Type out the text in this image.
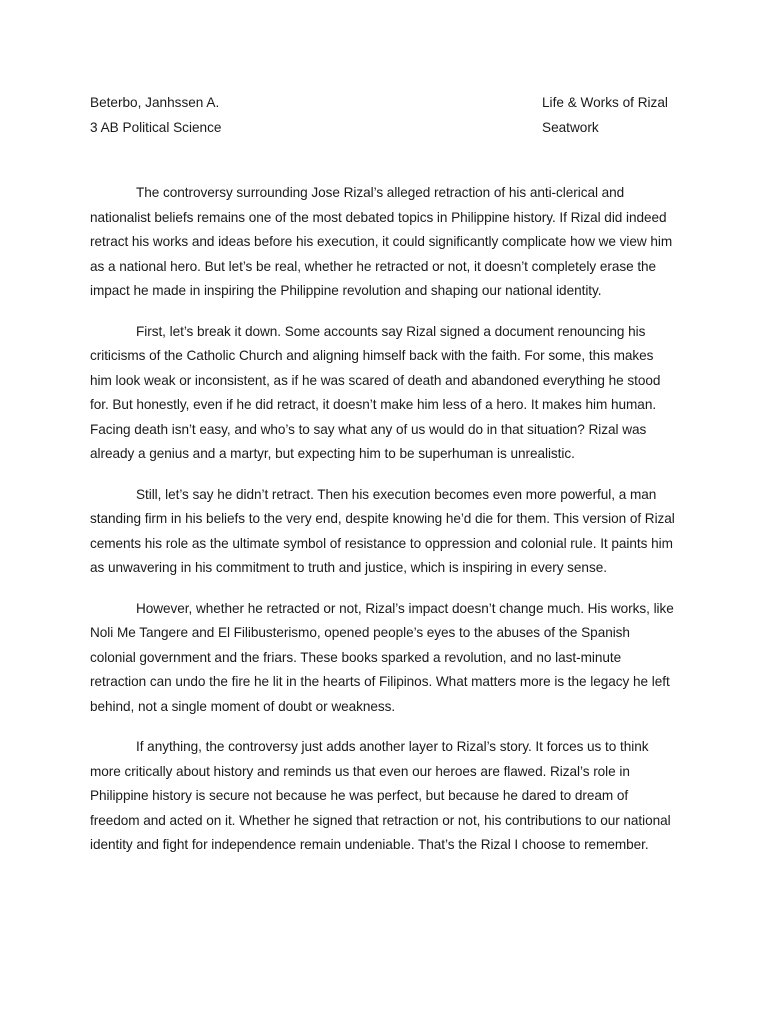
Beterbo, Janhssen A.
3 AB Political Science
Life & Works of Rizal
Seatwork

The controversy surrounding Jose Rizal’s alleged retraction of his anti-clerical and nationalist beliefs remains one of the most debated topics in Philippine history. If Rizal did indeed retract his works and ideas before his execution, it could significantly complicate how we view him as a national hero. But let’s be real, whether he retracted or not, it doesn’t completely erase the impact he made in inspiring the Philippine revolution and shaping our national identity.

First, let’s break it down. Some accounts say Rizal signed a document renouncing his criticisms of the Catholic Church and aligning himself back with the faith. For some, this makes him look weak or inconsistent, as if he was scared of death and abandoned everything he stood for. But honestly, even if he did retract, it doesn’t make him less of a hero. It makes him human. Facing death isn’t easy, and who’s to say what any of us would do in that situation? Rizal was already a genius and a martyr, but expecting him to be superhuman is unrealistic.

Still, let’s say he didn’t retract. Then his execution becomes even more powerful, a man standing firm in his beliefs to the very end, despite knowing he’d die for them. This version of Rizal cements his role as the ultimate symbol of resistance to oppression and colonial rule. It paints him as unwavering in his commitment to truth and justice, which is inspiring in every sense.

However, whether he retracted or not, Rizal’s impact doesn’t change much. His works, like Noli Me Tangere and El Filibusterismo, opened people’s eyes to the abuses of the Spanish colonial government and the friars. These books sparked a revolution, and no last-minute retraction can undo the fire he lit in the hearts of Filipinos. What matters more is the legacy he left behind, not a single moment of doubt or weakness.

If anything, the controversy just adds another layer to Rizal’s story. It forces us to think more critically about history and reminds us that even our heroes are flawed. Rizal’s role in Philippine history is secure not because he was perfect, but because he dared to dream of freedom and acted on it. Whether he signed that retraction or not, his contributions to our national identity and fight for independence remain undeniable. That’s the Rizal I choose to remember.
